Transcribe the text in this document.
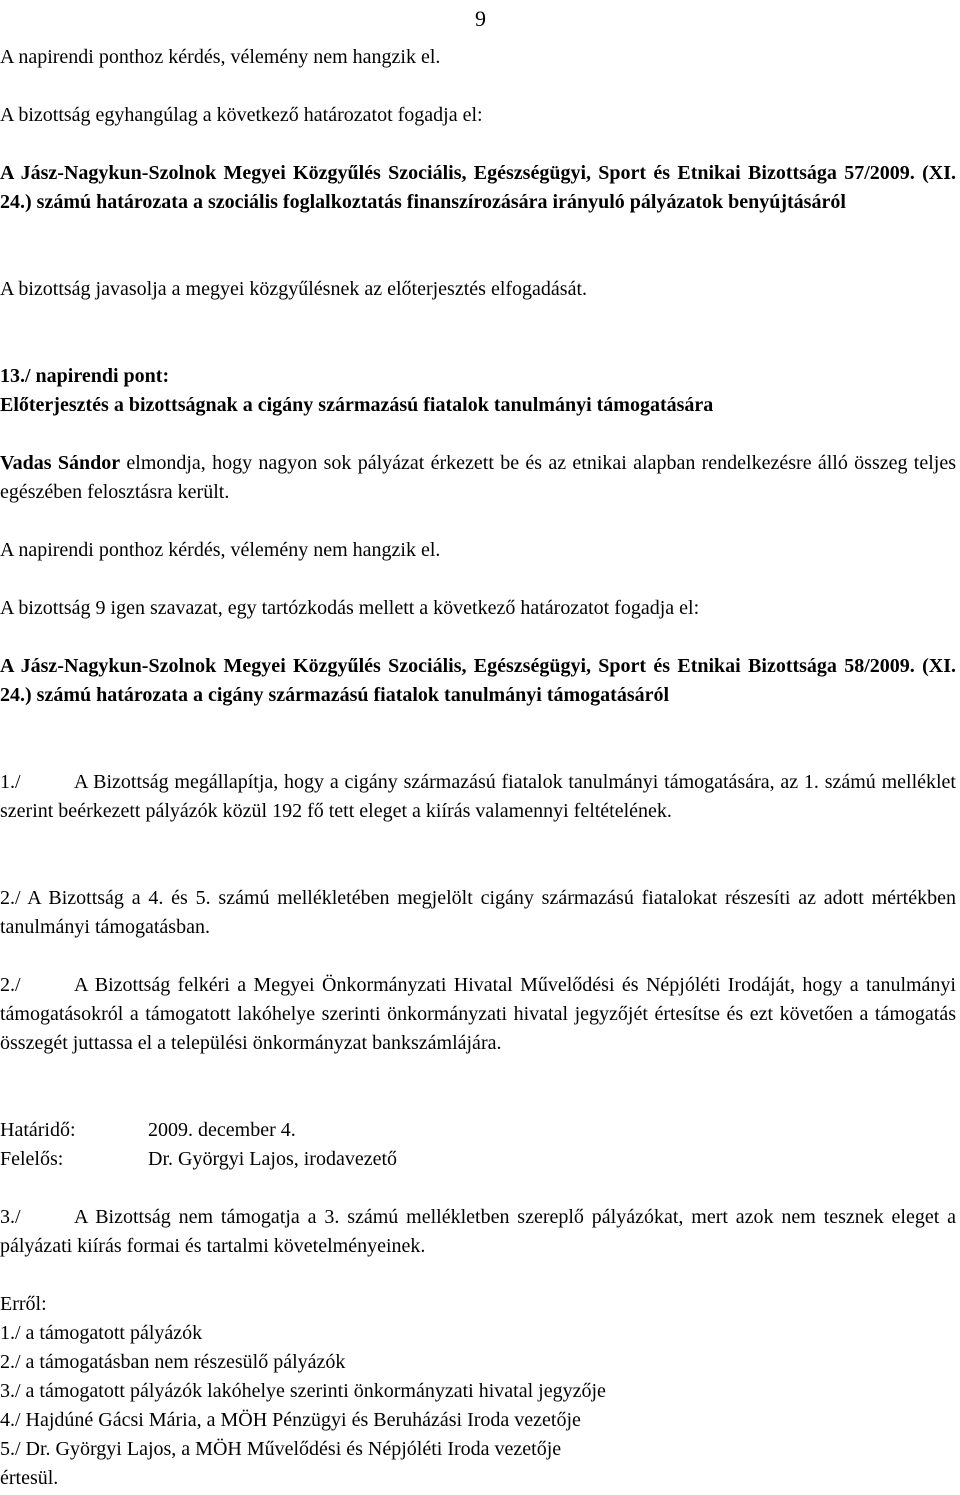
9
A napirendi ponthoz kérdés, vélemény nem hangzik el.
A bizottság egyhangúlag a következő határozatot fogadja el:
A Jász-Nagykun-Szolnok Megyei Közgyűlés Szociális, Egészségügyi, Sport és Etnikai Bizottsága 57/2009. (XI. 24.) számú határozata a szociális foglalkoztatás finanszírozására irányuló pályázatok benyújtásáról
A bizottság javasolja a megyei közgyűlésnek az előterjesztés elfogadását.
13./ napirendi pont:
Előterjesztés a bizottságnak a cigány származású fiatalok tanulmányi támogatására
Vadas Sándor elmondja, hogy nagyon sok pályázat érkezett be és az etnikai alapban rendelkezésre álló összeg teljes egészében felosztásra került.
A napirendi ponthoz kérdés, vélemény nem hangzik el.
A bizottság 9 igen szavazat, egy tartózkodás mellett a következő határozatot fogadja el:
A Jász-Nagykun-Szolnok Megyei Közgyűlés Szociális, Egészségügyi, Sport és Etnikai Bizottsága 58/2009. (XI. 24.) számú határozata a cigány származású fiatalok tanulmányi támogatásáról
1./	A Bizottság megállapítja, hogy a cigány származású fiatalok tanulmányi támogatására, az 1. számú melléklet szerint beérkezett pályázók közül 192 fő tett eleget a kiírás valamennyi feltételének.
2./ A Bizottság a 4. és 5. számú mellékletében megjelölt cigány származású fiatalokat részesíti az adott mértékben tanulmányi támogatásban.
2./	A Bizottság felkéri a Megyei Önkormányzati Hivatal Művelődési és Népjóléti Irodáját, hogy a tanulmányi támogatásokról a támogatott lakóhelye szerinti önkormányzati hivatal jegyzőjét értesítse és ezt követően a támogatás összegét juttassa el a települési önkormányzat bankszámlájára.
Határidő:	2009. december 4.
Felelős:	Dr. Györgyi Lajos, irodavezető
3./	A Bizottság nem támogatja a 3. számú mellékletben szereplő pályázókat, mert azok nem tesznek eleget a pályázati kiírás formai és tartalmi követelményeinek.
Erről:
1./ a támogatott pályázók
2./ a támogatásban nem részesülő pályázók
3./ a támogatott pályázók lakóhelye szerinti önkormányzati hivatal jegyzője
4./ Hajdúné Gácsi Mária, a MÖH Pénzügyi és Beruházási Iroda vezetője
5./ Dr. Györgyi Lajos, a MÖH Művelődési és Népjóléti Iroda vezetője
értesül.
